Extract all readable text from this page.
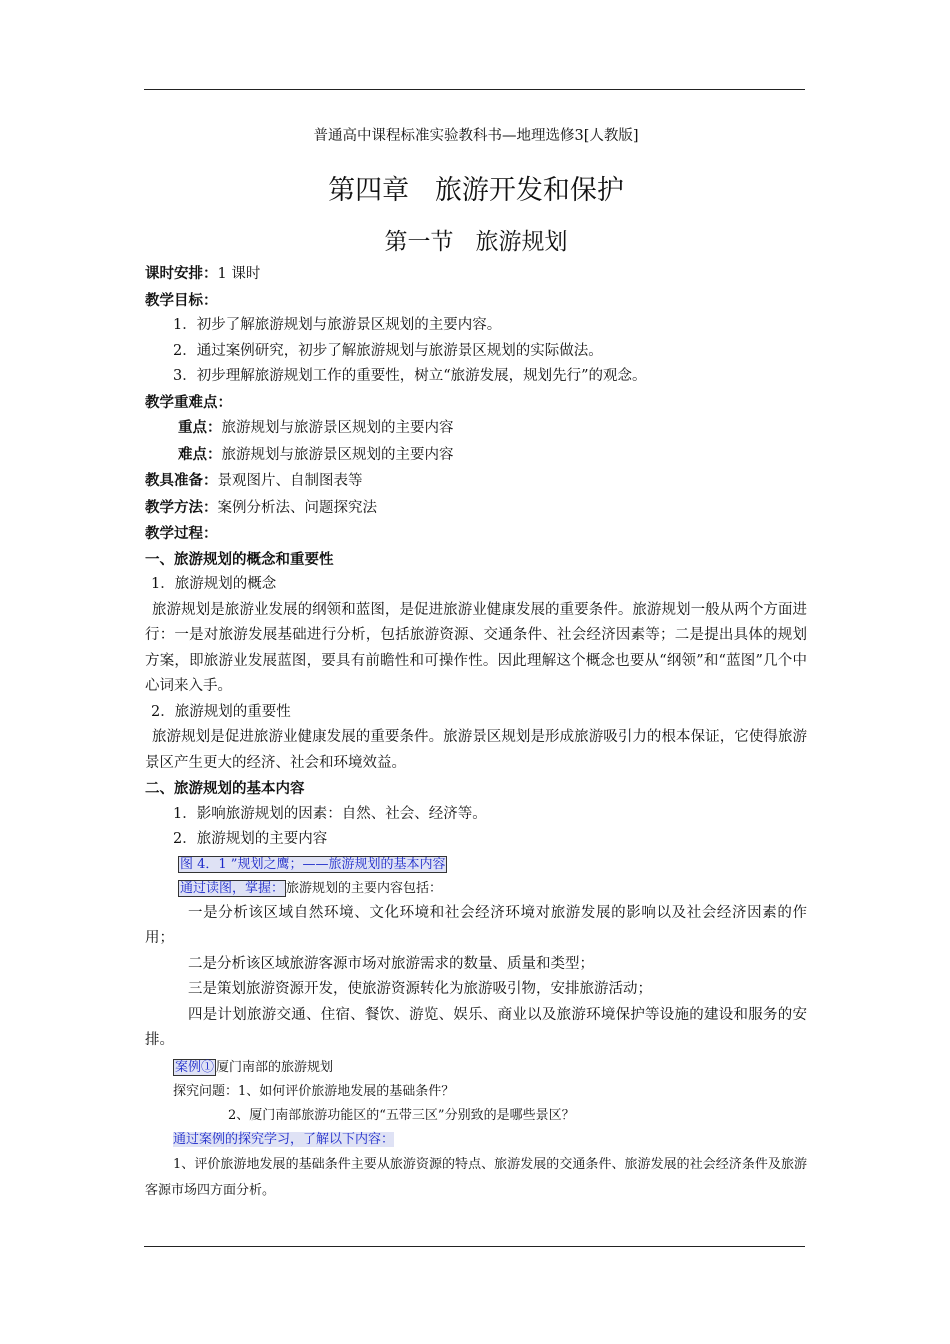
普通高中课程标准实验教科书—地理选修3[人教版]
第四章   旅游开发和保护
第一节   旅游规划
课时安排：1 课时
教学目标：
1．初步了解旅游规划与旅游景区规划的主要内容。
2．通过案例研究，初步了解旅游规划与旅游景区规划的实际做法。
3．初步理解旅游规划工作的重要性，树立“旅游发展，规划先行”的观念。
教学重难点：
重点：旅游规划与旅游景区规划的主要内容
难点：旅游规划与旅游景区规划的主要内容
教具准备：景观图片、自制图表等
教学方法：案例分析法、问题探究法
教学过程：
一、旅游规划的概念和重要性
1．旅游规划的概念
旅游规划是旅游业发展的纲领和蓝图，是促进旅游业健康发展的重要条件。旅游规划一般从两个方面进行：一是对旅游发展基础进行分析，包括旅游资源、交通条件、社会经济因素等；二是提出具体的规划方案，即旅游业发展蓝图，要具有前瞻性和可操作性。因此理解这个概念也要从“纲领”和“蓝图”几个中心词来入手。
2．旅游规划的重要性
旅游规划是促进旅游业健康发展的重要条件。旅游景区规划是形成旅游吸引力的根本保证，它使得旅游景区产生更大的经济、社会和环境效益。
二、旅游规划的基本内容
1．影响旅游规划的因素：自然、社会、经济等。
2．旅游规划的主要内容
图 4．1 ”规划之鹰；——旅游规划的基本内容
通过读图，掌握： 旅游规划的主要内容包括：
一是分析该区域自然环境、文化环境和社会经济环境对旅游发展的影响以及社会经济因素的作用；
二是分析该区域旅游客源市场对旅游需求的数量、质量和类型；
三是策划旅游资源开发，使旅游资源转化为旅游吸引物，安排旅游活动；
四是计划旅游交通、住宿、餐饮、游览、娱乐、商业以及旅游环境保护等设施的建设和服务的安排。
案例① 厦门南部的旅游规划
探究问题：1、如何评价旅游地发展的基础条件？
2、厦门南部旅游功能区的“五带三区”分别致的是哪些景区？
通过案例的探究学习，了解以下内容：
1、评价旅游地发展的基础条件主要从旅游资源的特点、旅游发展的交通条件、旅游发展的社会经济条件及旅游客源市场四方面分析。
